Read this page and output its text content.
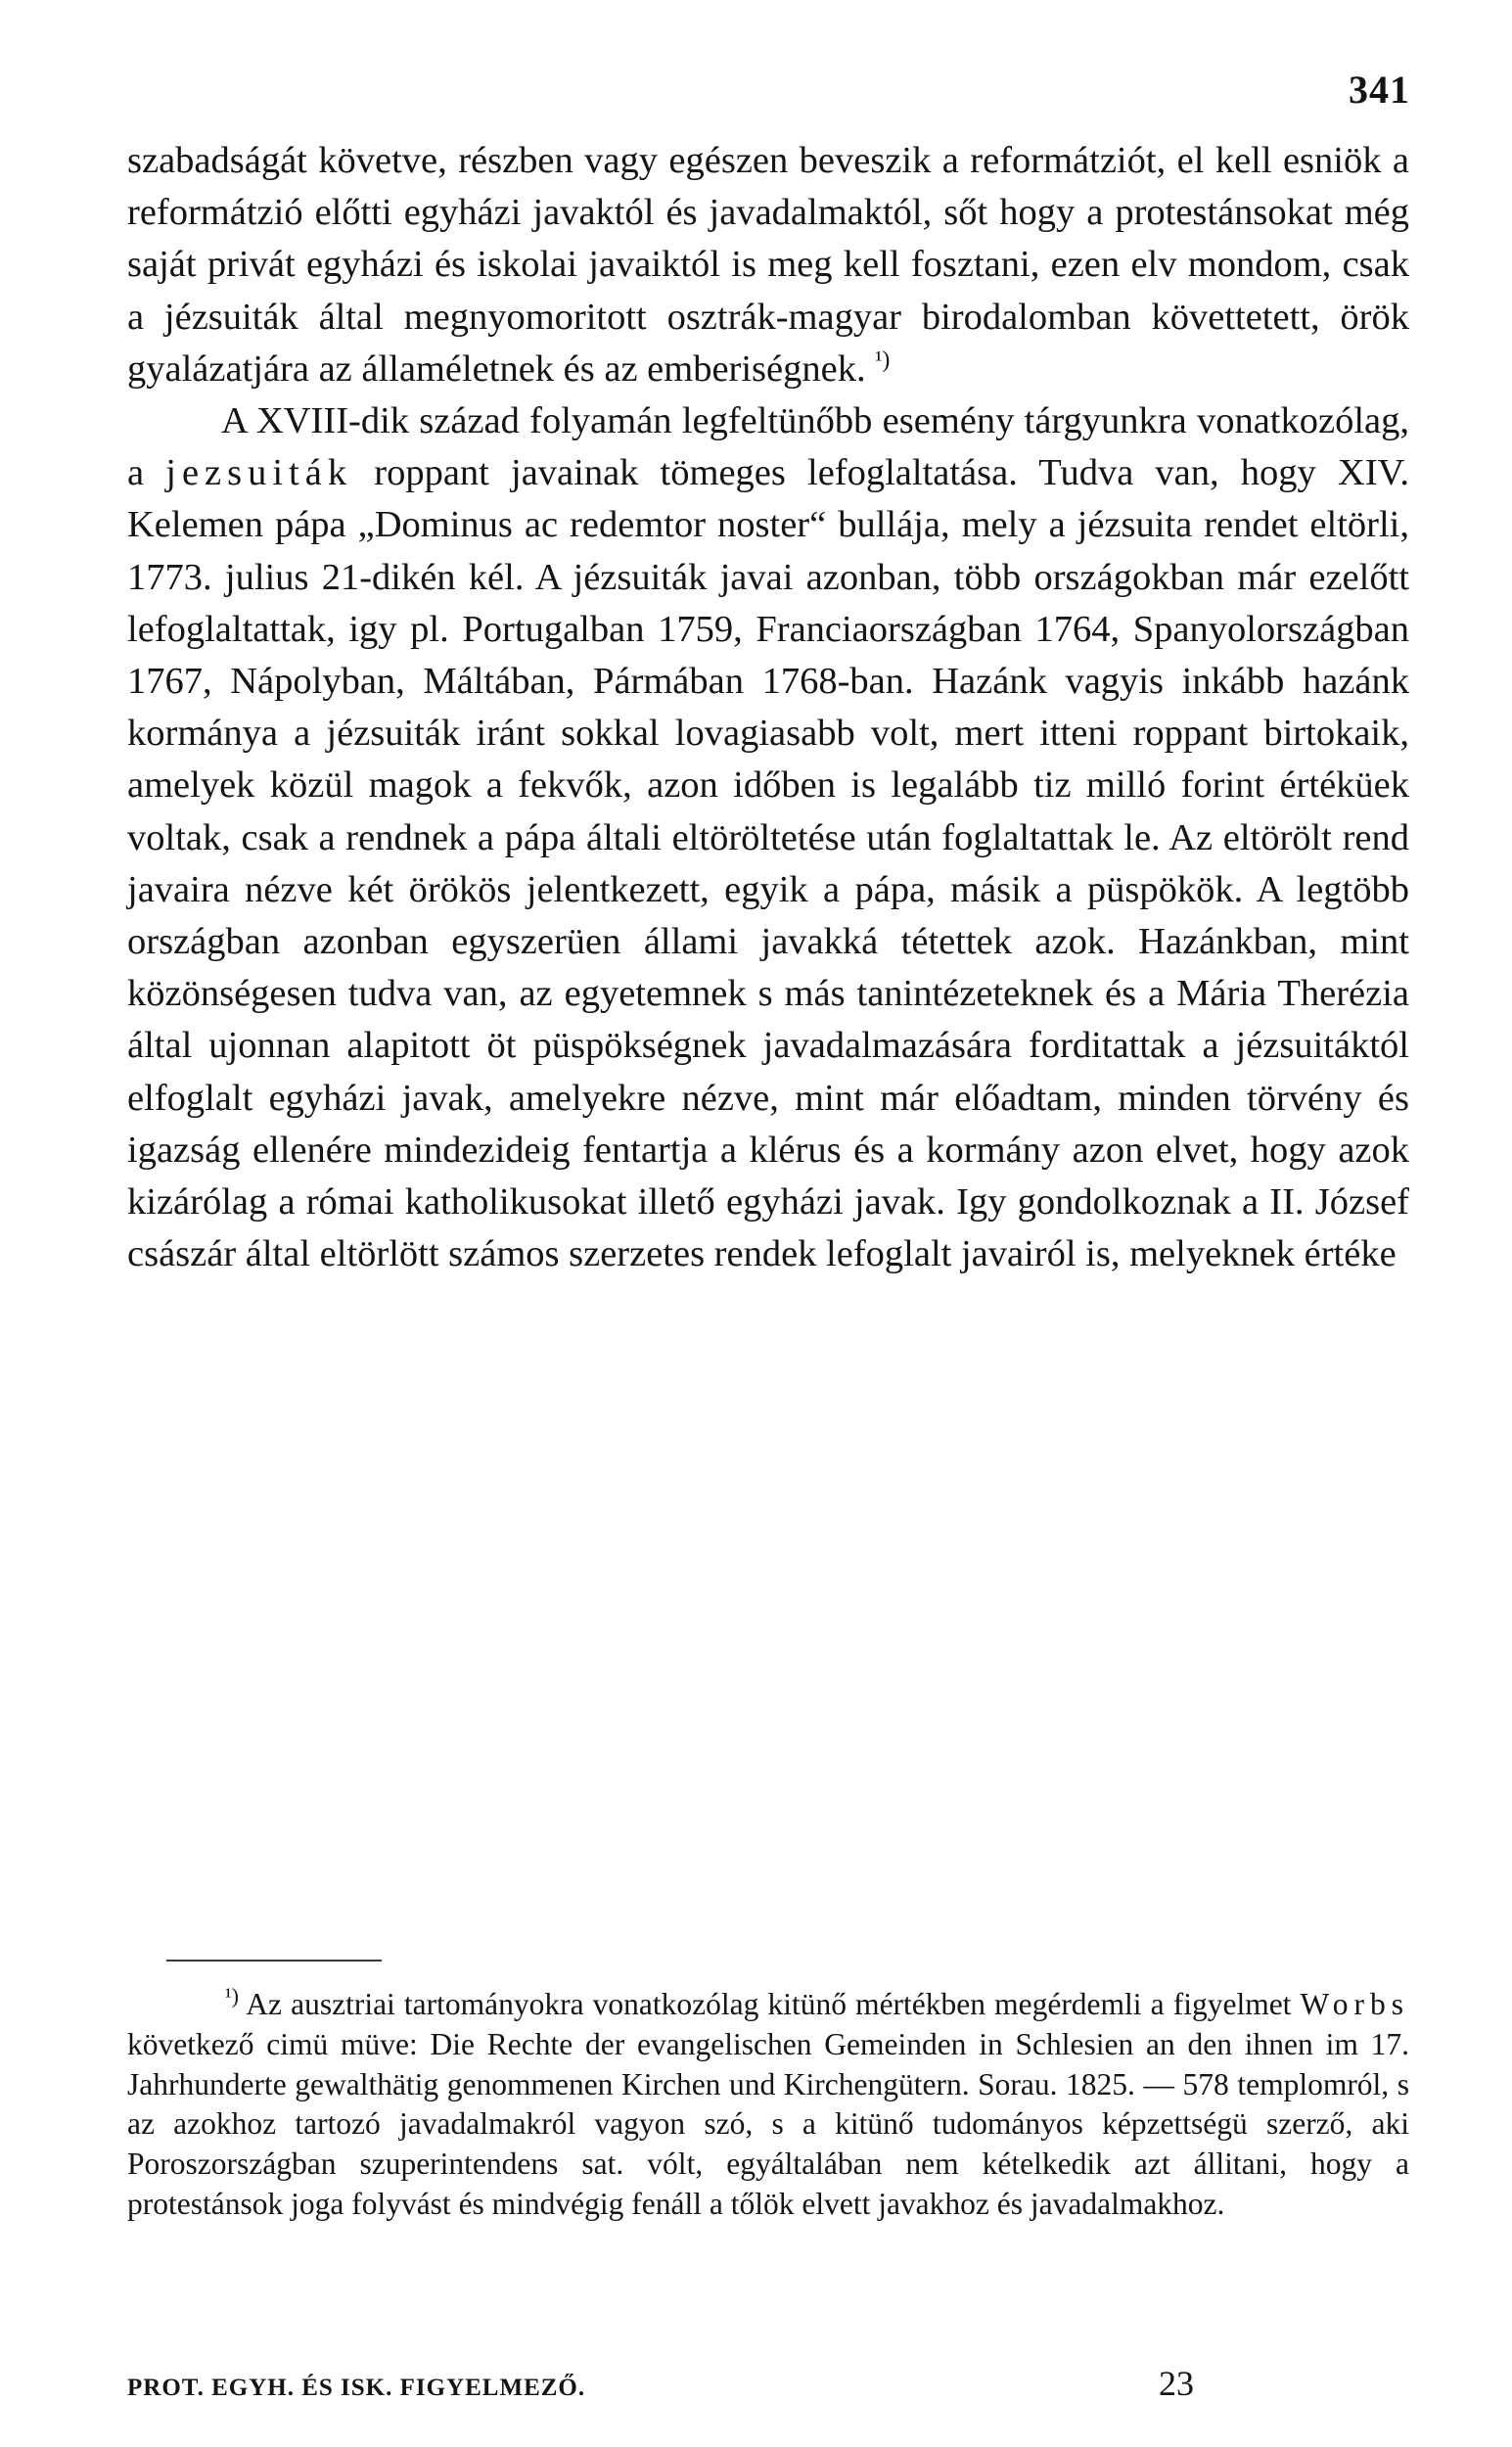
341

szabadságát követve, részben vagy egészen beveszik a reformátziót, el kell esniök a reformátzió előtti egyházi javaktól és javadalmaktól, sőt hogy a protestánsokat még saját privát egyházi és iskolai javaiktól is meg kell fosztani, ezen elv mondom, csak a jézsuiták által megnyomoritott osztrák-magyar birodalomban követtetett, örök gyalázatjára az államéletnek és az emberiségnek. $^{^1)}$

A XVIII-dik század folyamán legfeltünőbb esemény tárgyunkra vonatkozólag, a jezsuiták roppant javainak tömeges lefoglaltatása. Tudva van, hogy XIV. Kelemen pápa „Dominus ac redemtor noster“ bullája, mely a jézsuita rendet eltörli, 1773. julius 21-dikén kél. A jézsuiták javai azonban, több országokban már ezelőtt lefoglaltattak, igy pl. Portugalban 1759, Franciaországban 1764, Spanyolországban 1767, Nápolyban, Máltában, Pármában 1768-ban. Hazánk vagyis inkább hazánk kormánya a jézsuiták iránt sokkal lovagiasabb volt, mert itteni roppant birtokaik, amelyek közül magok a fekvők, azon időben is legalább tiz milló forint értéküek voltak, csak a rendnek a pápa általi eltöröltetése után foglaltattak le. Az eltörölt rend javaira nézve két örökös jelentkezett, egyik a pápa, másik a püspökök. A legtöbb országban azonban egyszerüen állami javakká tétettek azok. Hazánkban, mint közönségesen tudva van, az egyetemnek s más tanintézeteknek és a Mária Therézia által ujonnan alapitott öt püspökségnek javadalmazására forditattak a jézsuitáktól elfoglalt egyházi javak, amelyekre nézve, mint már előadtam, minden törvény és igazság ellenére mindezideig fentartja a klérus és a kormány azon elvet, hogy azok kizárólag a római katholikusokat illető egyházi javak. Igy gondolkoznak a II. József császár által eltörlött számos szerzetes rendek lefoglalt javairól is, melyeknek értéke

$^{^1)}$ Az ausztriai tartományokra vonatkozólag kitünő mértékben megérdemli a figyelmet Worbs következő cimü müve: Die Rechte der evangelischen Gemeinden in Schlesien an den ihnen im 17. Jahrhunderte gewalthätig genommenen Kirchen und Kirchengütern. Sorau. 1825. — 578 templomról, s az azokhoz tartozó javadalmakról vagyon szó, s a kitünő tudományos képzettségü szerző, aki Poroszországban szuperintendens sat. vólt, egyáltalában nem kételkedik azt állitani, hogy a protestánsok joga folyvást és mindvégig fenáll a tőlök elvett javakhoz és javadalmakhoz.

PROT. EGYH. ÉS ISK. FIGYELMEZŐ.	23
